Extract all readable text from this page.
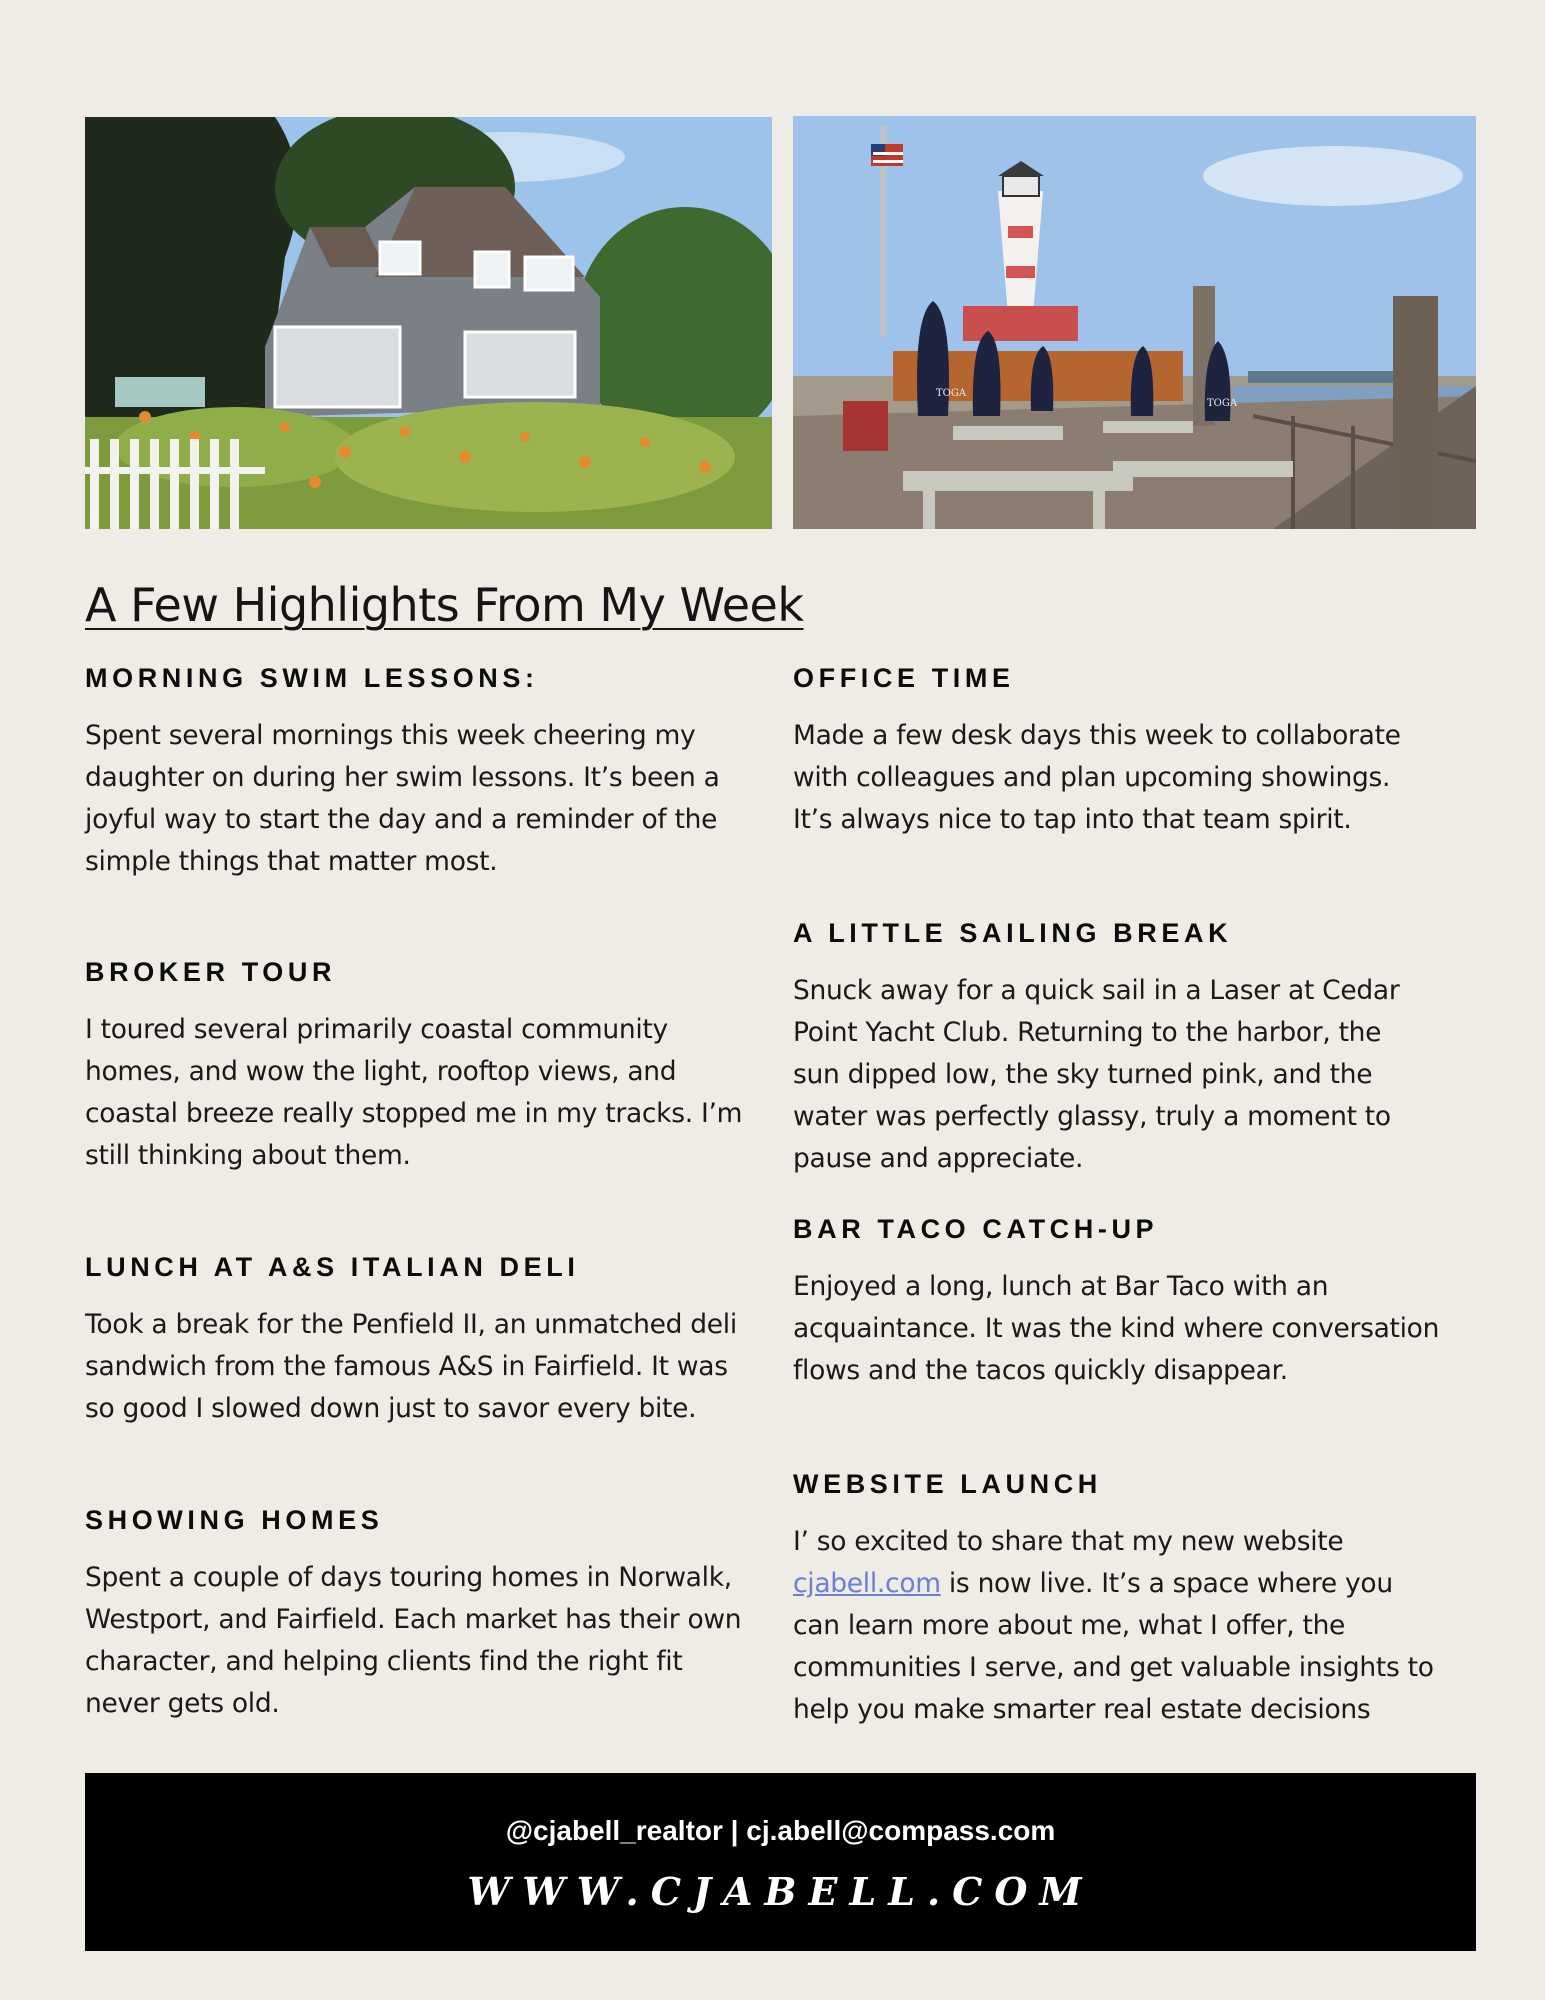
TOGA
TOGA
A Few Highlights From My Week
MORNING SWIM LESSONS:

Spent several mornings this week cheering my daughter on during her swim lessons. It’s been a joyful way to start the day and a reminder of the simple things that matter most.

BROKER TOUR

I toured several primarily coastal community homes, and wow the light, rooftop views, and coastal breeze really stopped me in my tracks. I’m still thinking about them.

LUNCH AT A&S ITALIAN DELI

Took a break for the Penfield II, an unmatched deli sandwich from the famous A&S in Fairfield. It was so good I slowed down just to savor every bite.

SHOWING HOMES

Spent a couple of days touring homes in Norwalk, Westport, and Fairfield. Each market has their own character, and helping clients find the right fit never gets old.

OFFICE TIME

Made a few desk days this week to collaborate with colleagues and plan upcoming showings. It’s always nice to tap into that team spirit.

A LITTLE SAILING BREAK

Snuck away for a quick sail in a Laser at Cedar Point Yacht Club. Returning to the harbor, the sun dipped low, the sky turned pink, and the water was perfectly glassy, truly a moment to pause and appreciate.

BAR TACO CATCH-UP

Enjoyed a long, lunch at Bar Taco with an acquaintance. It was the kind where conversation flows and the tacos quickly disappear.

WEBSITE LAUNCH

I’ so excited to share that my new website cjabell.com is now live. It’s a space where you can learn more about me, what I offer, the communities I serve, and get valuable insights to help you make smarter real estate decisions

@cjabell_realtor | cj.abell@compass.com
WWW.CJABELL.COM
